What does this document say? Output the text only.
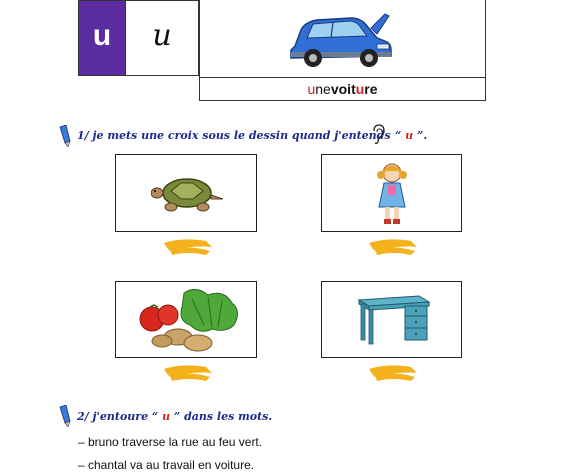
u u
u ne voit u re
1/ je mets une croix sous le dessin quand j'entends “ u ”.
2/ j'entoure “ u ” dans les mots.
– bruno traverse la rue au feu vert.
– chantal va au travail en voiture.
